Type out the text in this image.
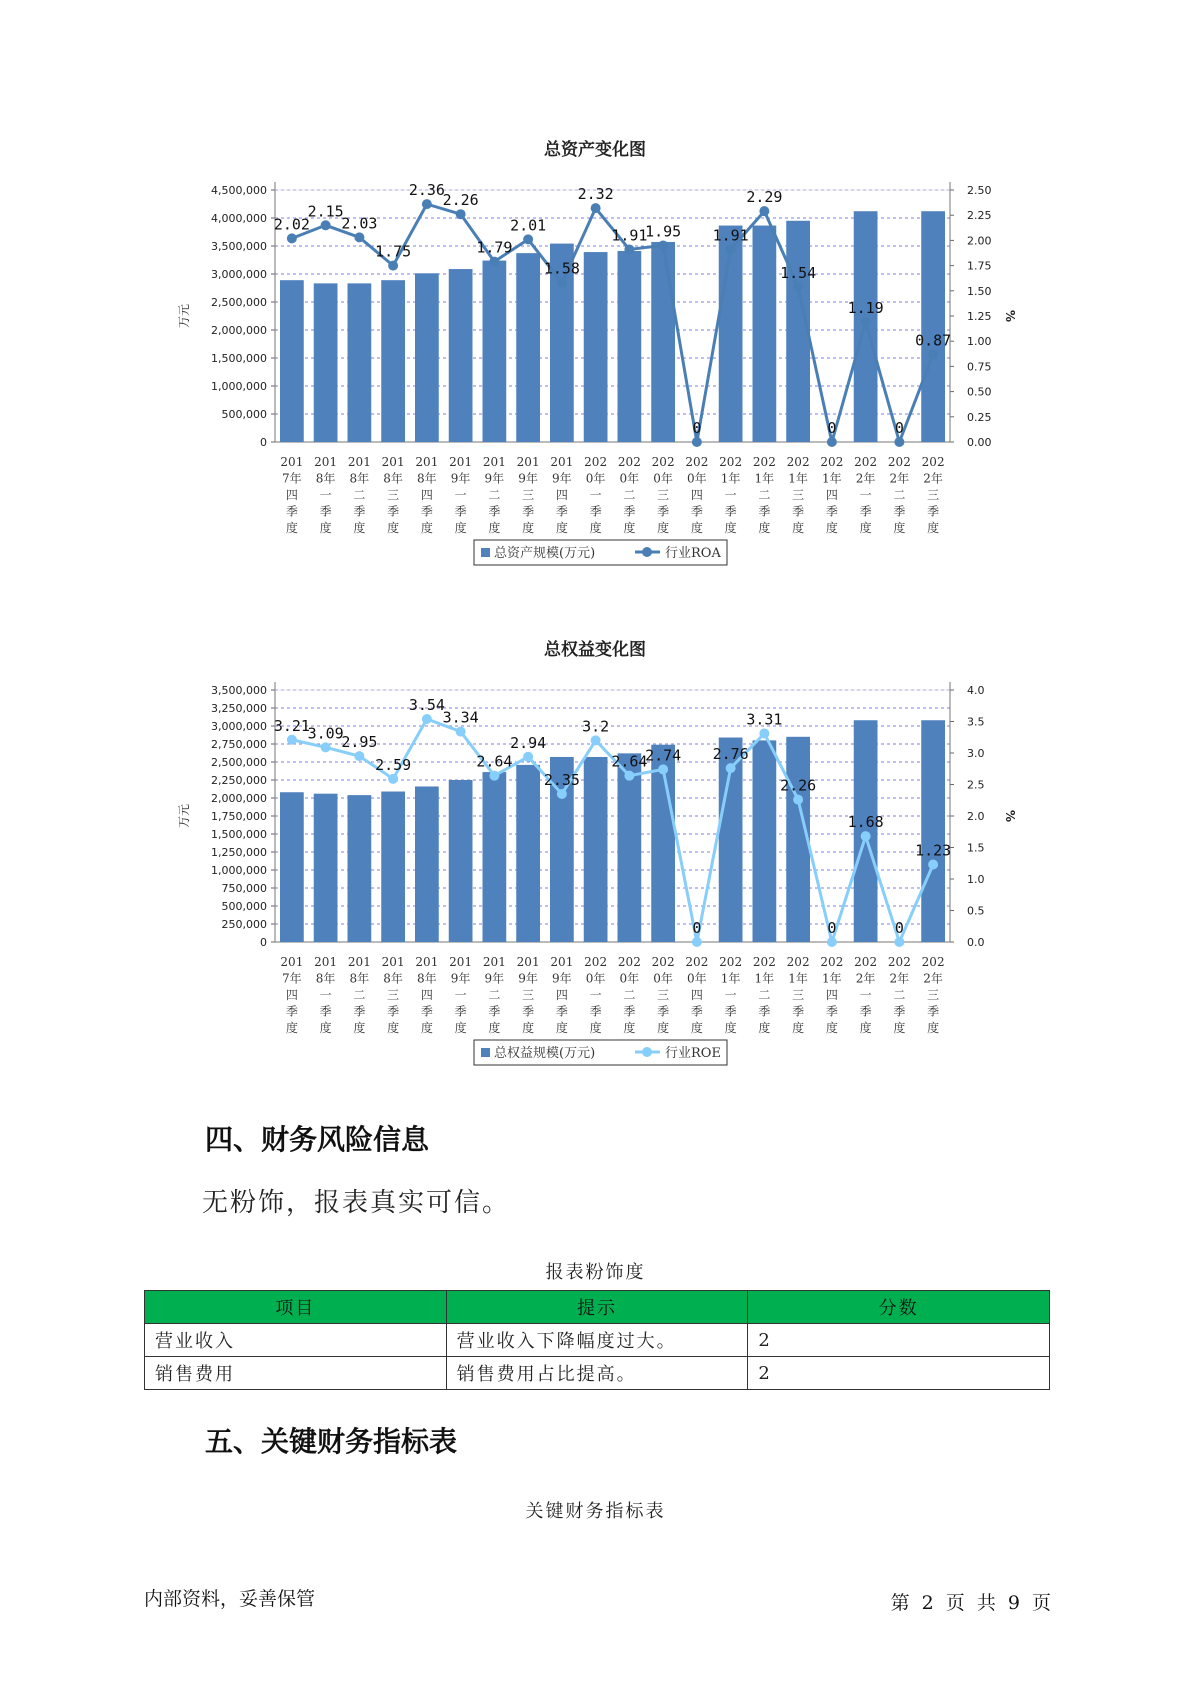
总资产变化图
0
500,000
1,000,000
1,500,000
2,000,000
2,500,000
3,000,000
3,500,000
4,000,000
4,500,000
0.00
0.25
0.50
0.75
1.00
1.25
1.50
1.75
2.00
2.25
2.50
万元	%
2.02
2.15
2.03
1.75
2.36
2.26
1.79
2.01
1.58
2.32
1.91
1.95
0
1.91
2.29
1.54
0
1.19
0
0.87
201
7年
四
季
度
201
8年
一
季
度
201
8年
二
季
度
201
8年
三
季
度
201
8年
四
季
度
201
9年
一
季
度
201
9年
二
季
度
201
9年
三
季
度
201
9年
四
季
度
202
0年
一
季
度
202
0年
二
季
度
202
0年
三
季
度
202
0年
四
季
度
202
1年
一
季
度
202
1年
二
季
度
202
1年
三
季
度
202
1年
四
季
度
202
2年
一
季
度
202
2年
二
季
度
202
2年
三
季
度
总资产规模(万元)	行业ROA
总权益变化图
0
250,000
500,000
750,000
1,000,000
1,250,000
1,500,000
1,750,000
2,000,000
2,250,000
2,500,000
2,750,000
3,000,000
3,250,000
3,500,000
0.0
0.5
1.0
1.5
2.0
2.5
3.0
3.5
4.0
万元	%
3.21
3.09
2.95
2.59
3.54
3.34
2.64
2.94
2.35
3.2
2.64
2.74
0
2.76
3.31
2.26
0
1.68
0
1.23
201
7年
四
季
度
201
8年
一
季
度
201
8年
二
季
度
201
8年
三
季
度
201
8年
四
季
度
201
9年
一
季
度
201
9年
二
季
度
201
9年
三
季
度
201
9年
四
季
度
202
0年
一
季
度
202
0年
二
季
度
202
0年
三
季
度
202
0年
四
季
度
202
1年
一
季
度
202
1年
二
季
度
202
1年
三
季
度
202
1年
四
季
度
202
2年
一
季
度
202
2年
二
季
度
202
2年
三
季
度
总权益规模(万元)	行业ROE
四、财务风险信息

无粉饰，报表真实可信。

报表粉饰度

项目	提示	分数
营业收入	营业收入下降幅度过大。	2
销售费用	销售费用占比提高。	2
五、关键财务指标表

关键财务指标表

内部资料，妥善保管	第 2 页 共 9 页
